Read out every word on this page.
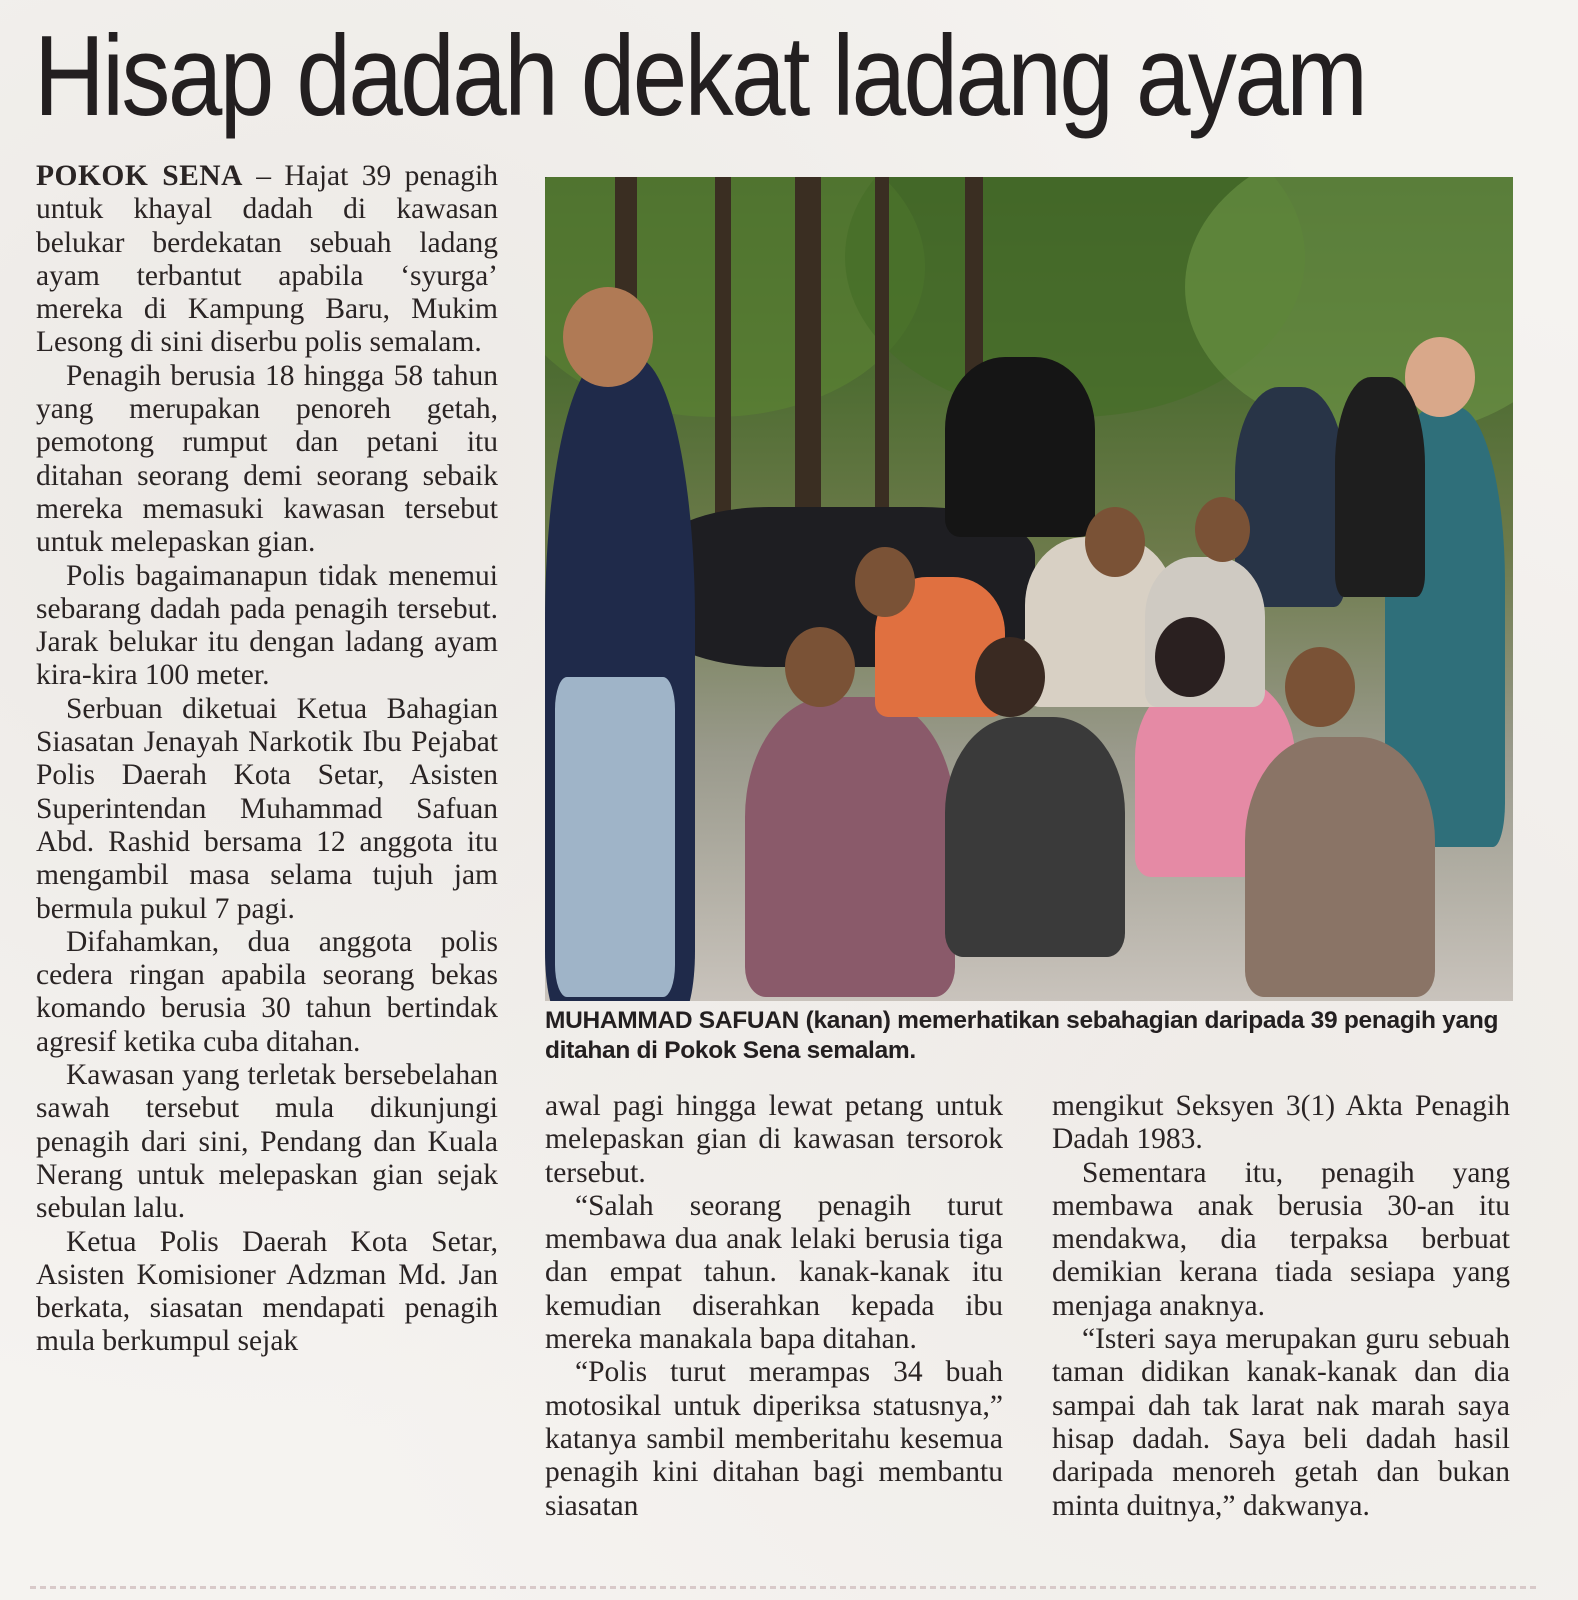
Hisap dadah dekat ladang ayam

POKOK SENA – Hajat 39 penagih untuk khayal dadah di kawasan belukar berdekatan sebuah ladang ayam terbantut apabila ‘syurga’ mereka di Kampung Baru, Mukim Lesong di sini diserbu polis semalam.

Penagih berusia 18 hingga 58 tahun yang merupakan penoreh getah, pemotong rumput dan petani itu ditahan seorang demi seorang sebaik mereka memasuki kawasan tersebut untuk melepaskan gian.

Polis bagaimanapun tidak menemui sebarang dadah pada penagih tersebut. Jarak belukar itu dengan ladang ayam kira-kira 100 meter.

Serbuan diketuai Ketua Bahagian Siasatan Jenayah Narkotik Ibu Pejabat Polis Daerah Kota Setar, Asisten Superintendan Muhammad Safuan Abd. Rashid bersama 12 anggota itu mengambil masa selama tujuh jam bermula pukul 7 pagi.

Difahamkan, dua anggota polis cedera ringan apabila seorang bekas komando berusia 30 tahun bertindak agresif ketika cuba ditahan.

Kawasan yang terletak bersebelahan sawah tersebut mula dikunjungi penagih dari sini, Pendang dan Kuala Nerang untuk melepaskan gian sejak sebulan lalu.

Ketua Polis Daerah Kota Setar, Asisten Komisioner Adzman Md. Jan berkata, siasatan mendapati penagih mula berkumpul sejak

MUHAMMAD SAFUAN (kanan) memerhatikan sebahagian daripada 39 penagih yang ditahan di Pokok Sena semalam.

awal pagi hingga lewat petang untuk melepaskan gian di kawasan tersorok tersebut.

“Salah seorang penagih turut membawa dua anak lelaki berusia tiga dan empat tahun. kanak-kanak itu kemudian diserahkan kepada ibu mereka manakala bapa ditahan.

“Polis turut merampas 34 buah motosikal untuk diperiksa statusnya,” katanya sambil memberitahu kesemua penagih kini ditahan bagi membantu siasatan

mengikut Seksyen 3(1) Akta Penagih Dadah 1983.

Sementara itu, penagih yang membawa anak berusia 30-an itu mendakwa, dia terpaksa berbuat demikian kerana tiada sesiapa yang menjaga anaknya.

“Isteri saya merupakan guru sebuah taman didikan kanak-kanak dan dia sampai dah tak larat nak marah saya hisap dadah. Saya beli dadah hasil daripada menoreh getah dan bukan minta duitnya,” dakwanya.
